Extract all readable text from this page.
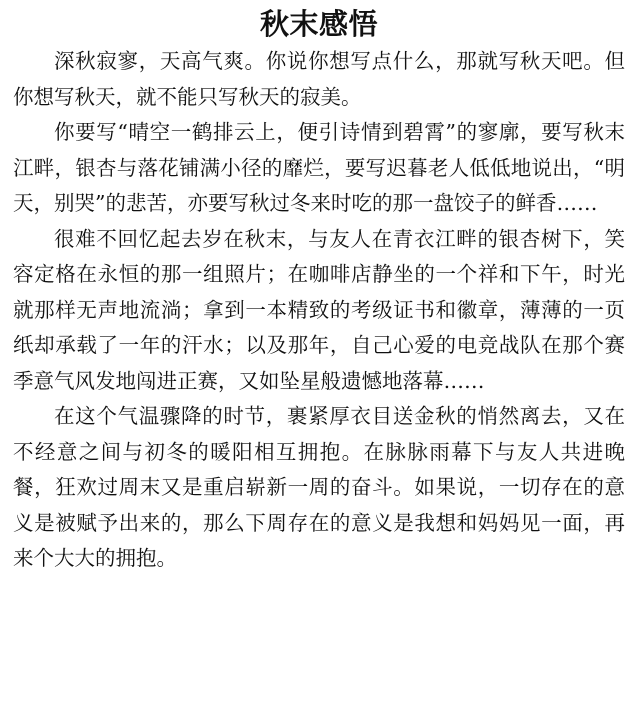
秋末感悟

深秋寂寥，天高气爽。你说你想写点什么，那就写秋天吧。但你想写秋天，就不能只写秋天的寂美。

你要写“晴空一鹤排云上，便引诗情到碧霄”的寥廓，要写秋末江畔，银杏与落花铺满小径的靡烂，要写迟暮老人低低地说出，“明天，别哭”的悲苦，亦要写秋过冬来时吃的那一盘饺子的鲜香……

很难不回忆起去岁在秋末，与友人在青衣江畔的银杏树下，笑容定格在永恒的那一组照片；在咖啡店静坐的一个祥和下午，时光就那样无声地流淌；拿到一本精致的考级证书和徽章，薄薄的一页纸却承载了一年的汗水；以及那年，自己心爱的电竞战队在那个赛季意气风发地闯进正赛，又如坠星般遗憾地落幕……

在这个气温骤降的时节，裹紧厚衣目送金秋的悄然离去，又在不经意之间与初冬的暖阳相互拥抱。在脉脉雨幕下与友人共进晚餐，狂欢过周末又是重启崭新一周的奋斗。如果说，一切存在的意义是被赋予出来的，那么下周存在的意义是我想和妈妈见一面，再来个大大的拥抱。
